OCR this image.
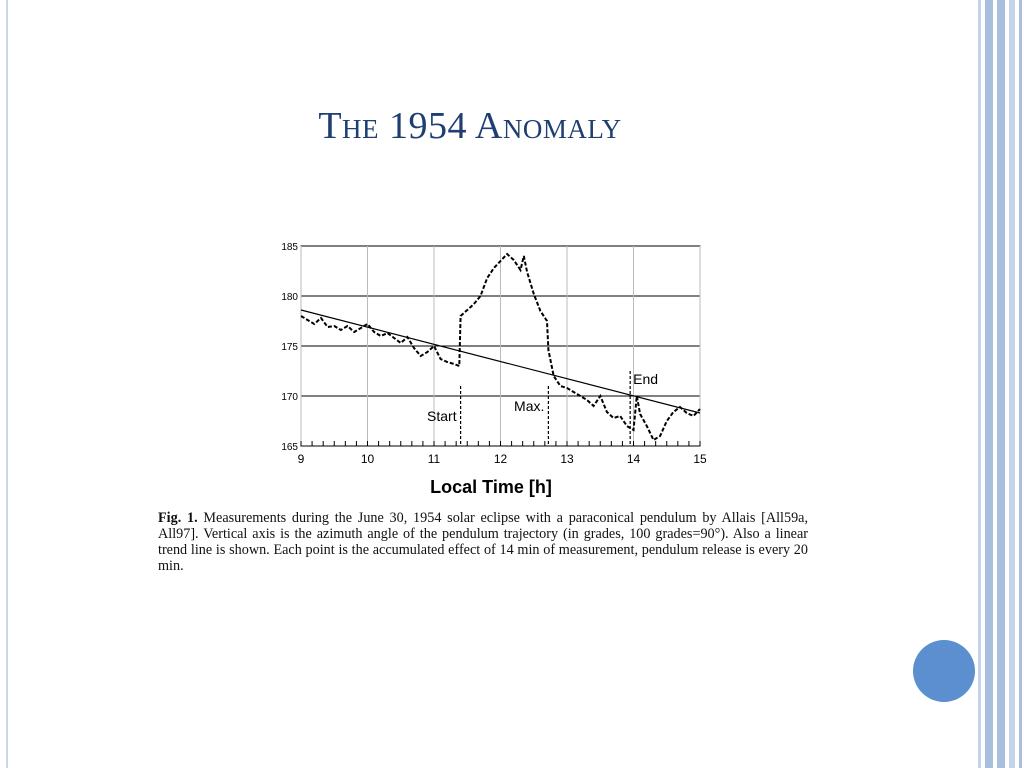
The 1954 Anomaly
Start
Max.
End
165
170
175
180
185
9	10	11	12	13	14	15
Local Time [h]
Fig. 1. Measurements during the June 30, 1954 solar eclipse with a paraconical pendulum by Allais [All59a, All97]. Vertical axis is the azimuth angle of the pendulum trajectory (in grades, 100 grades=90°). Also a linear trend line is shown. Each point is the accumulated effect of 14 min of measurement, pendulum release is every 20 min.
